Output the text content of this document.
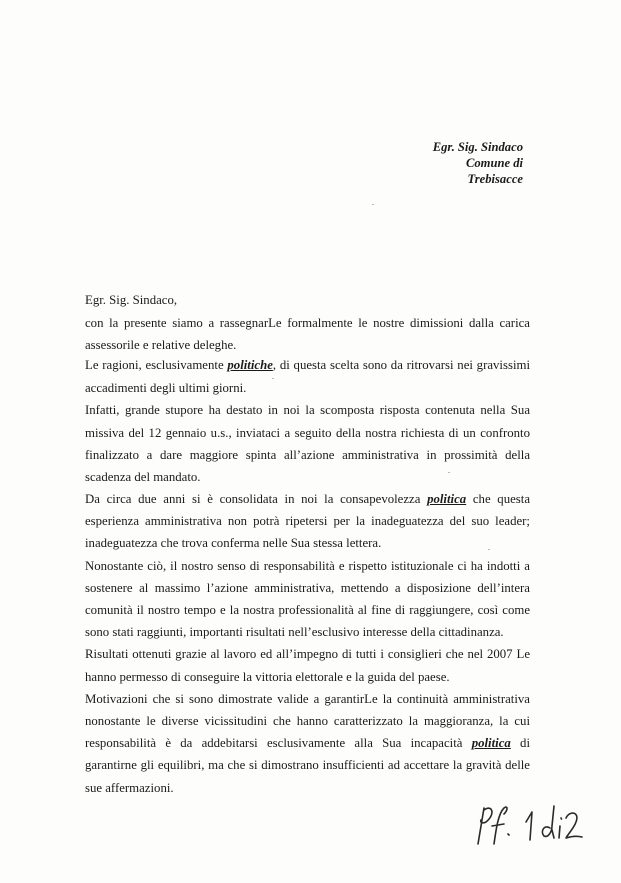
Egr. Sig. Sindaco
Comune di
Trebisacce
Egr. Sig. Sindaco,
con la presente siamo a rassegnarLe formalmente le nostre dimissioni dalla carica
assessorile e relative deleghe.
Le ragioni, esclusivamente politiche, di questa scelta sono da ritrovarsi nei gravissimi
accadimenti degli ultimi giorni.
Infatti, grande stupore ha destato in noi la scomposta risposta contenuta nella Sua
missiva del 12 gennaio u.s., inviataci a seguito della nostra richiesta di un confronto
finalizzato a dare maggiore spinta all’azione amministrativa in prossimità della
scadenza del mandato.
Da circa due anni si è consolidata in noi la consapevolezza politica che questa
esperienza amministrativa non potrà ripetersi per la inadeguatezza del suo leader;
inadeguatezza che trova conferma nelle Sua stessa lettera.
Nonostante ciò, il nostro senso di responsabilità e rispetto istituzionale ci ha indotti a
sostenere al massimo l’azione amministrativa, mettendo a disposizione dell’intera
comunità il nostro tempo e la nostra professionalità al fine di raggiungere, così come
sono stati raggiunti, importanti risultati nell’esclusivo interesse della cittadinanza.
Risultati ottenuti grazie al lavoro ed all’impegno di tutti i consiglieri che nel 2007 Le
hanno permesso di conseguire la vittoria elettorale e la guida del paese.
Motivazioni che si sono dimostrate valide a garantirLe la continuità amministrativa
nonostante le diverse vicissitudini che hanno caratterizzato la maggioranza, la cui
responsabilità è da addebitarsi esclusivamente alla Sua incapacità politica di
garantirne gli equilibri, ma che si dimostrano insufficienti ad accettare la gravità delle
sue affermazioni.
